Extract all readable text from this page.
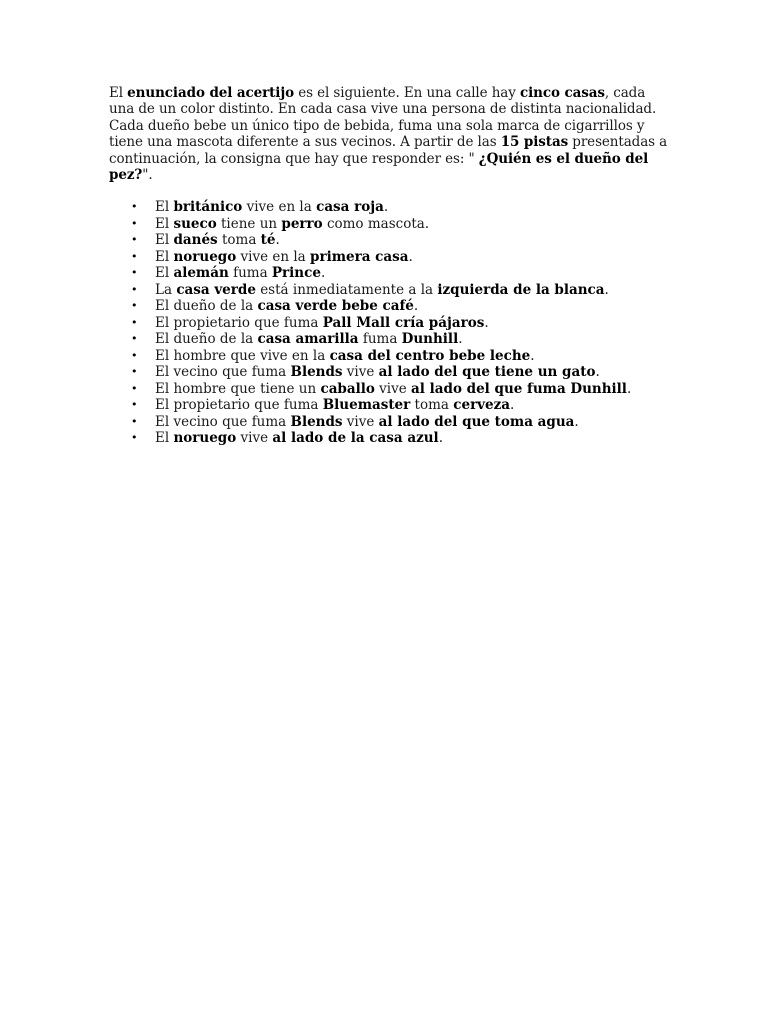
El enunciado del acertijo es el siguiente. En una calle hay cinco casas, cada una de un color distinto. En cada casa vive una persona de distinta nacionalidad. Cada dueño bebe un único tipo de bebida, fuma una sola marca de cigarrillos y tiene una mascota diferente a sus vecinos. A partir de las 15 pistas presentadas a continuación, la consigna que hay que responder es: " ¿Quién es el dueño del pez?".

• El británico vive en la casa roja.
• El sueco tiene un perro como mascota.
• El danés toma té.
• El noruego vive en la primera casa.
• El alemán fuma Prince.
• La casa verde está inmediatamente a la izquierda de la blanca.
• El dueño de la casa verde bebe café.
• El propietario que fuma Pall Mall cría pájaros.
• El dueño de la casa amarilla fuma Dunhill.
• El hombre que vive en la casa del centro bebe leche.
• El vecino que fuma Blends vive al lado del que tiene un gato.
• El hombre que tiene un caballo vive al lado del que fuma Dunhill.
• El propietario que fuma Bluemaster toma cerveza.
• El vecino que fuma Blends vive al lado del que toma agua.
• El noruego vive al lado de la casa azul.
